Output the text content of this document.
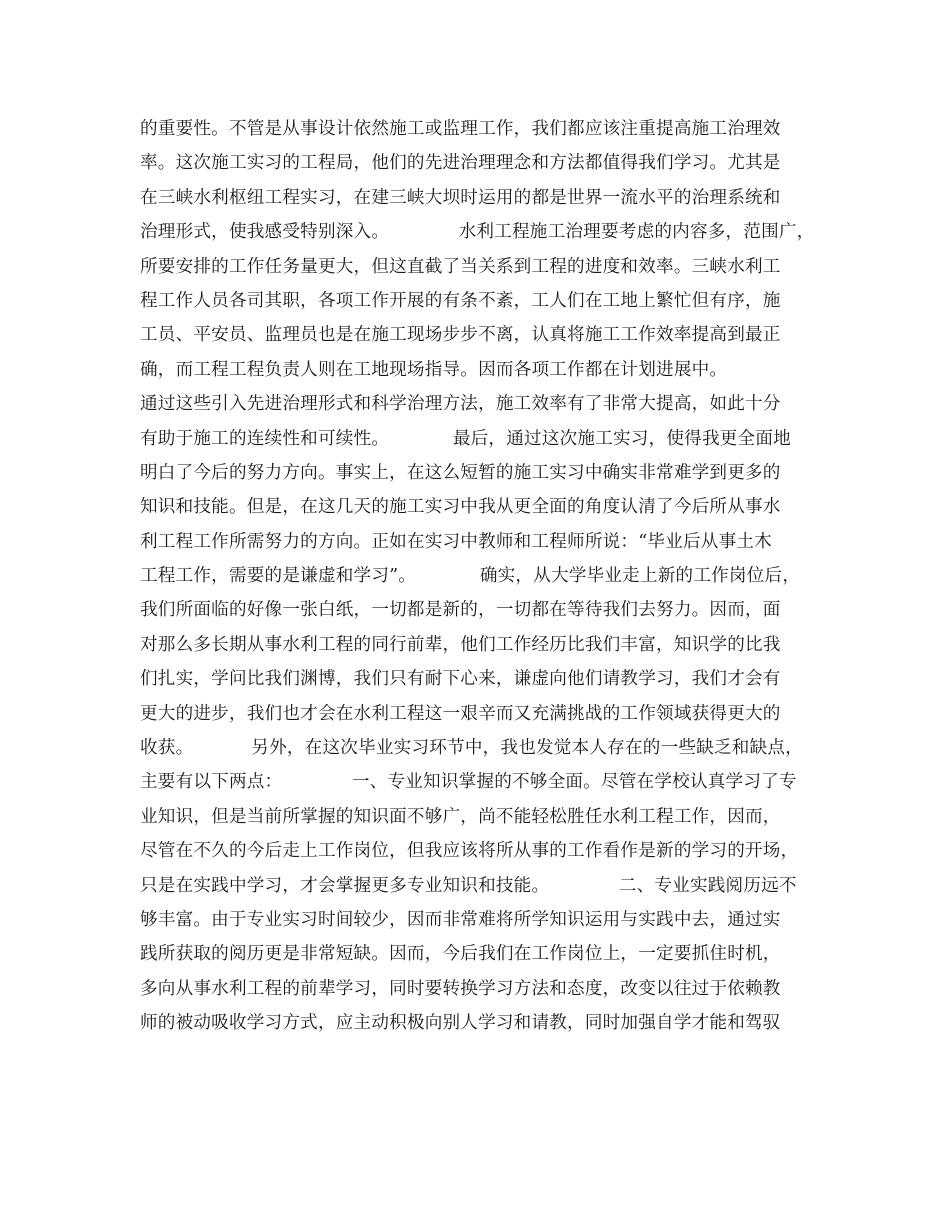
的重要性。不管是从事设计依然施工或监理工作，我们都应该注重提高施工治理效
率。这次施工实习的工程局，他们的先进治理理念和方法都值得我们学习。尤其是
在三峡水利枢纽工程实习，在建三峡大坝时运用的都是世界一流水平的治理系统和
治理形式，使我感受特别深入。            水利工程施工治理要考虑的内容多，范围广，
所要安排的工作任务量更大，但这直截了当关系到工程的进度和效率。三峡水利工
程工作人员各司其职，各项工作开展的有条不紊，工人们在工地上繁忙但有序，施
工员、平安员、监理员也是在施工现场步步不离，认真将施工工作效率提高到最正
确，而工程工程负责人则在工地现场指导。因而各项工作都在计划进展中。
通过这些引入先进治理形式和科学治理方法，施工效率有了非常大提高，如此十分
有助于施工的连续性和可续性。           最后，通过这次施工实习，使得我更全面地
明白了今后的努力方向。事实上，在这么短暂的施工实习中确实非常难学到更多的
知识和技能。但是，在这几天的施工实习中我从更全面的角度认清了今后所从事水
利工程工作所需努力的方向。正如在实习中教师和工程师所说：“毕业后从事土木
工程工作，需要的是谦虚和学习”。           确实，从大学毕业走上新的工作岗位后，
我们所面临的好像一张白纸，一切都是新的，一切都在等待我们去努力。因而，面
对那么多长期从事水利工程的同行前辈，他们工作经历比我们丰富，知识学的比我
们扎实，学问比我们渊博，我们只有耐下心来，谦虚向他们请教学习，我们才会有
更大的进步，我们也才会在水利工程这一艰辛而又充满挑战的工作领域获得更大的
收获。          另外，在这次毕业实习环节中，我也发觉本人存在的一些缺乏和缺点，
主要有以下两点：            一、专业知识掌握的不够全面。尽管在学校认真学习了专
业知识，但是当前所掌握的知识面不够广，尚不能轻松胜任水利工程工作，因而，
尽管在不久的今后走上工作岗位，但我应该将所从事的工作看作是新的学习的开场，
只是在实践中学习，才会掌握更多专业知识和技能。            二、专业实践阅历远不
够丰富。由于专业实习时间较少，因而非常难将所学知识运用与实践中去，通过实
践所获取的阅历更是非常短缺。因而，今后我们在工作岗位上，一定要抓住时机，
多向从事水利工程的前辈学习，同时要转换学习方法和态度，改变以往过于依赖教
师的被动吸收学习方式，应主动积极向别人学习和请教，同时加强自学才能和驾驭
